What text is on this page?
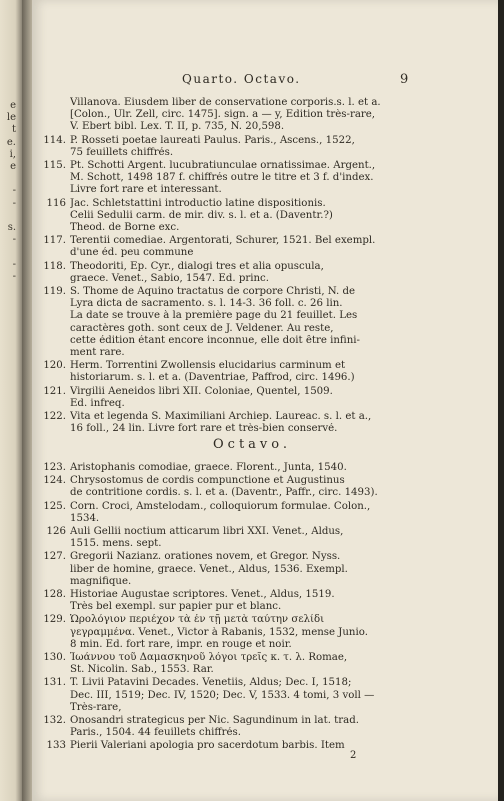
e
le
t
e.
i,
e
-
-
s.
-
-
-
Quarto. Octavo.	9
Villanova. Eiusdem liber de conservatione corporis.s. l. et a.
[Colon., Ulr. Zell, circ. 1475]. sign. a — y, Edition très-rare,
V. Ebert bibl. Lex. T. II, p. 735, N. 20,598.
114. P. Rosseti poetae laureati Paulus. Paris., Ascens., 1522,
75 feuillets chiffrés.
115. Pt. Schotti Argent. lucubratiunculae ornatissimae. Argent.,
M. Schott, 1498 187 f. chiffrés outre le titre et 3 f. d'index.
Livre fort rare et interessant.
116 Jac. Schletstattini introductio latine dispositionis.
Celii Sedulii carm. de mir. div. s. l. et a. (Daventr.?)
Theod. de Borne exc.
117. Terentii comediae. Argentorati, Schurer, 1521. Bel exempl.
d'une éd. peu commune
118. Theodoriti, Ep. Cyr., dialogi tres et alia opuscula,
graece. Venet., Sabio, 1547. Ed. princ.
119. S. Thome de Aquino tractatus de corpore Christi, N. de
Lyra dicta de sacramento. s. l. 14-3. 36 foll. c. 26 lin.
La date se trouve à la première page du 21 feuillet. Les
caractères goth. sont ceux de J. Veldener. Au reste,
cette édition étant encore inconnue, elle doit être infini-
ment rare.
120. Herm. Torrentini Zwollensis elucidarius carminum et
historiarum. s. l. et a. (Daventriae, Paffrod, circ. 1496.)
121. Virgilii Aeneidos libri XII. Coloniae, Quentel, 1509.
Ed. infreq.
122. Vita et legenda S. Maximiliani Archiep. Laureac. s. l. et a.,
16 foll., 24 lin. Livre fort rare et très-bien conservé.
Octavo.
123. Aristophanis comodiae, graece. Florent., Junta, 1540.
124. Chrysostomus de cordis compunctione et Augustinus
de contritione cordis. s. l. et a. (Daventr., Paffr., circ. 1493).
125. Corn. Croci, Amstelodam., colloquiorum formulae. Colon.,
1534.
126 Auli Gellii noctium atticarum libri XXI. Venet., Aldus,
1515. mens. sept.
127. Gregorii Nazianz. orationes novem, et Gregor. Nyss.
liber de homine, graece. Venet., Aldus, 1536. Exempl.
magnifique.
128. Historiae Augustae scriptores. Venet., Aldus, 1519.
Très bel exempl. sur papier pur et blanc.
129. Ὡρολόγιον περιέχον τὰ ἐν τῇ μετὰ ταύτην σελίδι
γεγραμμένα. Venet., Victor à Rabanis, 1532, mense Junio.
8 min. Ed. fort rare, impr. en rouge et noir.
130. Ἰωάννου τοῦ Δαμασκηνοῦ λόγοι τρεῖς κ. τ. λ. Romae,
St. Nicolin. Sab., 1553. Rar.
131. T. Livii Patavini Decades. Venetiis, Aldus; Dec. I, 1518;
Dec. III, 1519; Dec. IV, 1520; Dec. V, 1533. 4 tomi, 3 voll —
Très-rare,
132. Onosandri strategicus per Nic. Sagundinum in lat. trad.
Paris., 1504. 44 feuillets chiffrés.
133 Pierii Valeriani apologia pro sacerdotum barbis. Item
2
